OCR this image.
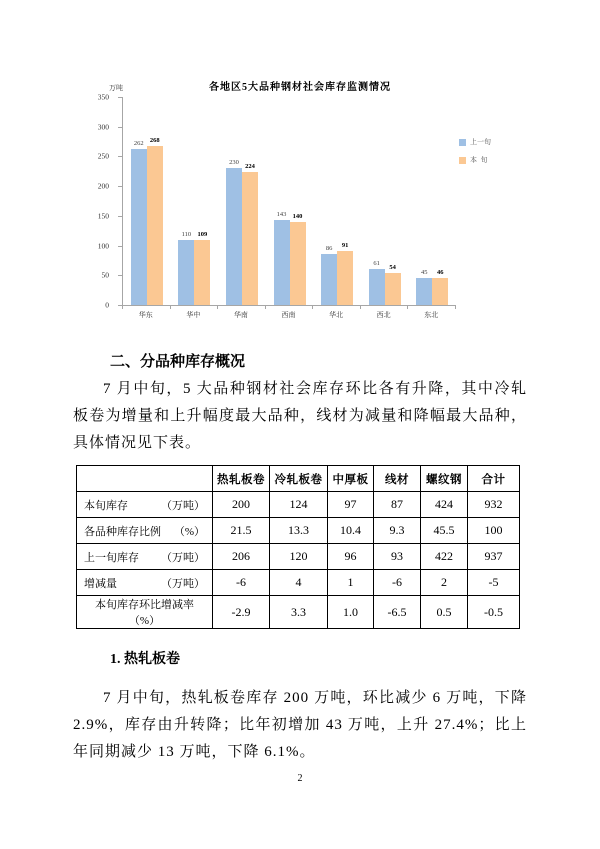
各地区5大品种钢材社会库存监测情况
万吨
350
300
250
200
150
100
50
0
262
268
110 109
230
224
143 140
86 91
61
54
45 46
华东	华中	华南	西南	华北	西北	东北
上一旬
本  旬
二、分品种库存概况
7 月中旬，5 大品种钢材社会库存环比各有升降，其中冷轧板卷为增量和上升幅度最大品种，线材为减量和降幅最大品种，具体情况见下表。
	热轧板卷	冷轧板卷	中厚板	线材	螺纹钢	合计

本旬库存 （万吨）	200	124	97	87	424	932

各品种库存比例 （%）	21.5	13.3	10.4	9.3	45.5	100

上一旬库存 （万吨）	206	120	96	93	422	937

增减量 （万吨）	-6	4	1	-6	2	-5

本旬库存环比增减率（%）	-2.9	3.3	1.0	-6.5	0.5	-0.5
1. 热轧板卷
7 月中旬，热轧板卷库存 200 万吨，环比减少 6 万吨，下降 2.9%，库存由升转降；比年初增加 43 万吨，上升 27.4%；比上年同期减少 13 万吨，下降 6.1%。
2
